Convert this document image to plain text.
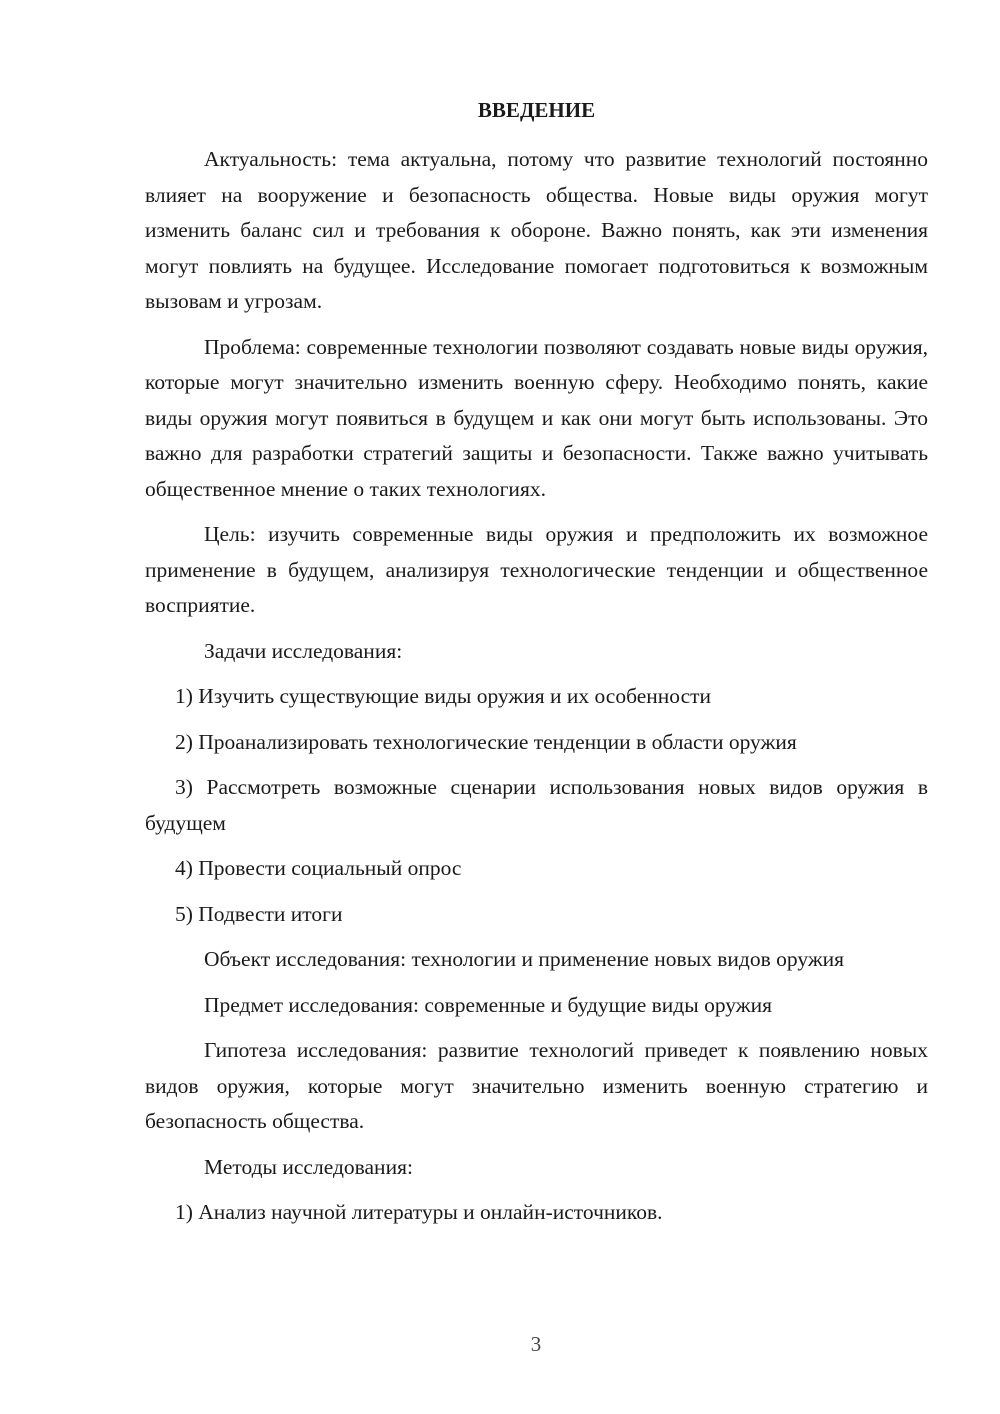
ВВЕДЕНИЕ

Актуальность: тема актуальна, потому что развитие технологий постоянно влияет на вооружение и безопасность общества. Новые виды оружия могут изменить баланс сил и требования к обороне. Важно понять, как эти изменения могут повлиять на будущее. Исследование помогает подготовиться к возможным вызовам и угрозам.

Проблема: современные технологии позволяют создавать новые виды оружия, которые могут значительно изменить военную сферу. Необходимо понять, какие виды оружия могут появиться в будущем и как они могут быть использованы. Это важно для разработки стратегий защиты и безопасности. Также важно учитывать общественное мнение о таких технологиях.

Цель: изучить современные виды оружия и предположить их возможное применение в будущем, анализируя технологические тенденции и общественное восприятие.

Задачи исследования:

1) Изучить существующие виды оружия и их особенности

2) Проанализировать технологические тенденции в области оружия

3) Рассмотреть возможные сценарии использования новых видов оружия в будущем

4) Провести социальный опрос

5) Подвести итоги

Объект исследования: технологии и применение новых видов оружия

Предмет исследования: современные и будущие виды оружия

Гипотеза исследования: развитие технологий приведет к появлению новых видов оружия, которые могут значительно изменить военную стратегию и безопасность общества.

Методы исследования:

1) Анализ научной литературы и онлайн-источников.

3
